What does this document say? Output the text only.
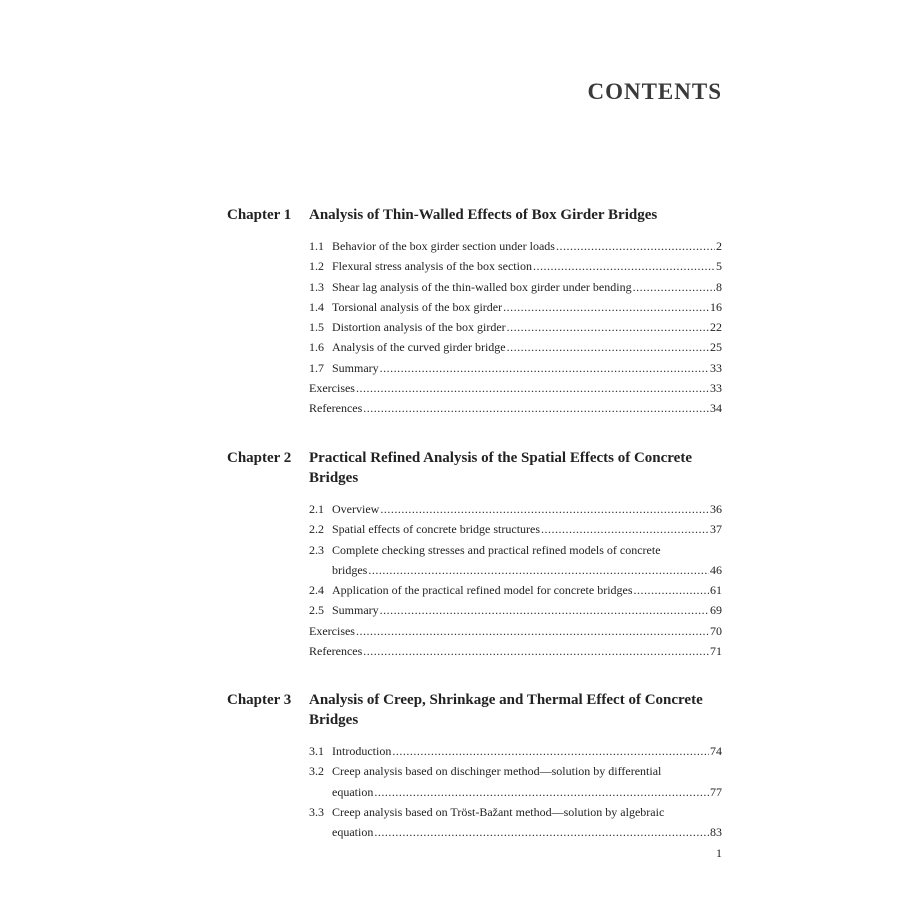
CONTENTS
Chapter 1	Analysis of Thin-Walled Effects of Box Girder Bridges
1.1 Behavior of the box girder section under loads .....	2
1.2 Flexural stress analysis of the box section .....	5
1.3 Shear lag analysis of the thin-walled box girder under bending .....	8
1.4 Torsional analysis of the box girder .....	16
1.5 Distortion analysis of the box girder .....	22
1.6 Analysis of the curved girder bridge .....	25
1.7 Summary .....	33
Exercises .....	33
References .....	34
Chapter 2	Practical Refined Analysis of the Spatial Effects of Concrete Bridges
2.1 Overview .....	36
2.2 Spatial effects of concrete bridge structures .....	37
2.3 Complete checking stresses and practical refined models of concrete
bridges .....	46
2.4 Application of the practical refined model for concrete bridges .....	61
2.5 Summary .....	69
Exercises .....	70
References .....	71
Chapter 3	Analysis of Creep, Shrinkage and Thermal Effect of Concrete Bridges
3.1 Introduction .....	74
3.2 Creep analysis based on dischinger method—solution by differential
equation .....	77
3.3 Creep analysis based on Tröst-Bažant method—solution by algebraic
equation .....	83
1
